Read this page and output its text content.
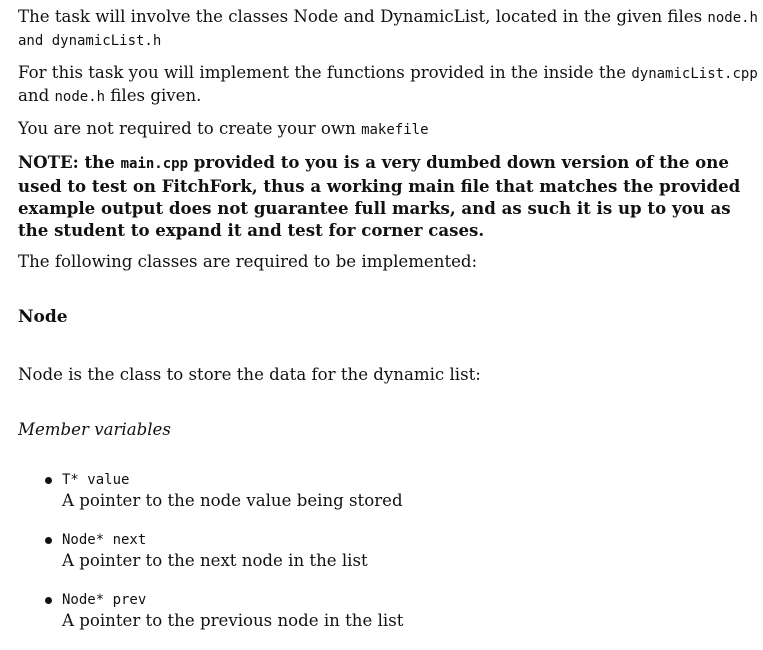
The task will involve the classes Node and DynamicList, located in the given files node.h
and dynamicList.h

For this task you will implement the functions provided in the inside the dynamicList.cpp
and node.h files given.

You are not required to create your own makefile

NOTE: the main.cpp provided to you is a very dumbed down version of the one used to test on FitchFork, thus a working main file that matches the provided example output does not guarantee full marks, and as such it is up to you as the student to expand it and test for corner cases.

The following classes are required to be implemented:

Node

Node is the class to store the data for the dynamic list:

Member variables

T* value
A pointer to the node value being stored
Node* next
A pointer to the next node in the list
Node* prev
A pointer to the previous node in the list
